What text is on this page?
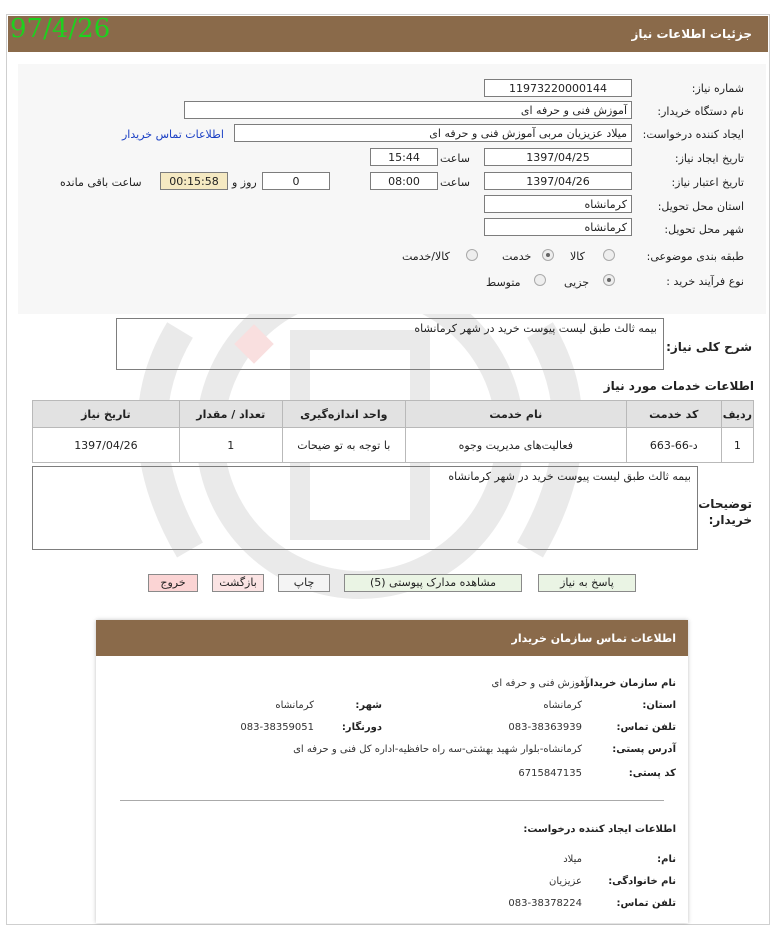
جزئیات اطلاعات نیاز
97/4/26
شماره نیاز:
11973220000144
نام دستگاه خریدار:
آموزش فنی و حرفه ای
ایجاد کننده درخواست:
میلاد عزیزیان مربی آموزش فنی و حرفه ای
اطلاعات تماس خریدار
تاریخ ایجاد نیاز:
1397/04/25
ساعت
15:44
تاریخ اعتبار نیاز:
1397/04/26
ساعت
08:00
0
روز و
00:15:58
ساعت باقی مانده
استان محل تحویل:
کرمانشاه
شهر محل تحویل:
کرمانشاه
طبقه بندی موضوعی:
کالا
خدمت
کالا/خدمت
نوع فرآیند خرید :
جزیی
متوسط
شرح کلی نیاز:
بیمه ثالث طبق لیست پیوست خرید در شهر کرمانشاه
اطلاعات خدمات مورد نیاز
ردیف	کد خدمت	نام خدمت	واحد اندازه‌گیری	تعداد / مقدار	تاریخ نیاز
1	د-66-663	فعالیت‌های مدیریت وجوه	با توجه به تو ضیحات	1	1397/04/26
توضیحات خریدار:
بیمه ثالث طبق لیست پیوست خرید در شهر کرمانشاه
پاسخ به نیاز
مشاهده مدارک پیوستی (5)
چاپ
بازگشت
خروج
اطلاعات تماس سازمان خریدار
نام سازمان خریدار:
آموزش فنی و حرفه ای
استان:
کرمانشاه
شهر:
کرمانشاه
تلفن تماس:
083-38363939
دورنگار:
083-38359051
آدرس پستی:
کرمانشاه-بلوار شهید بهشتی-سه راه حافظیه-اداره کل فنی و حرفه ای
کد پستی:
6715847135
اطلاعات ایجاد کننده درخواست:
نام:
میلاد
نام خانوادگی:
عزیزیان
تلفن تماس:
083-38378224
